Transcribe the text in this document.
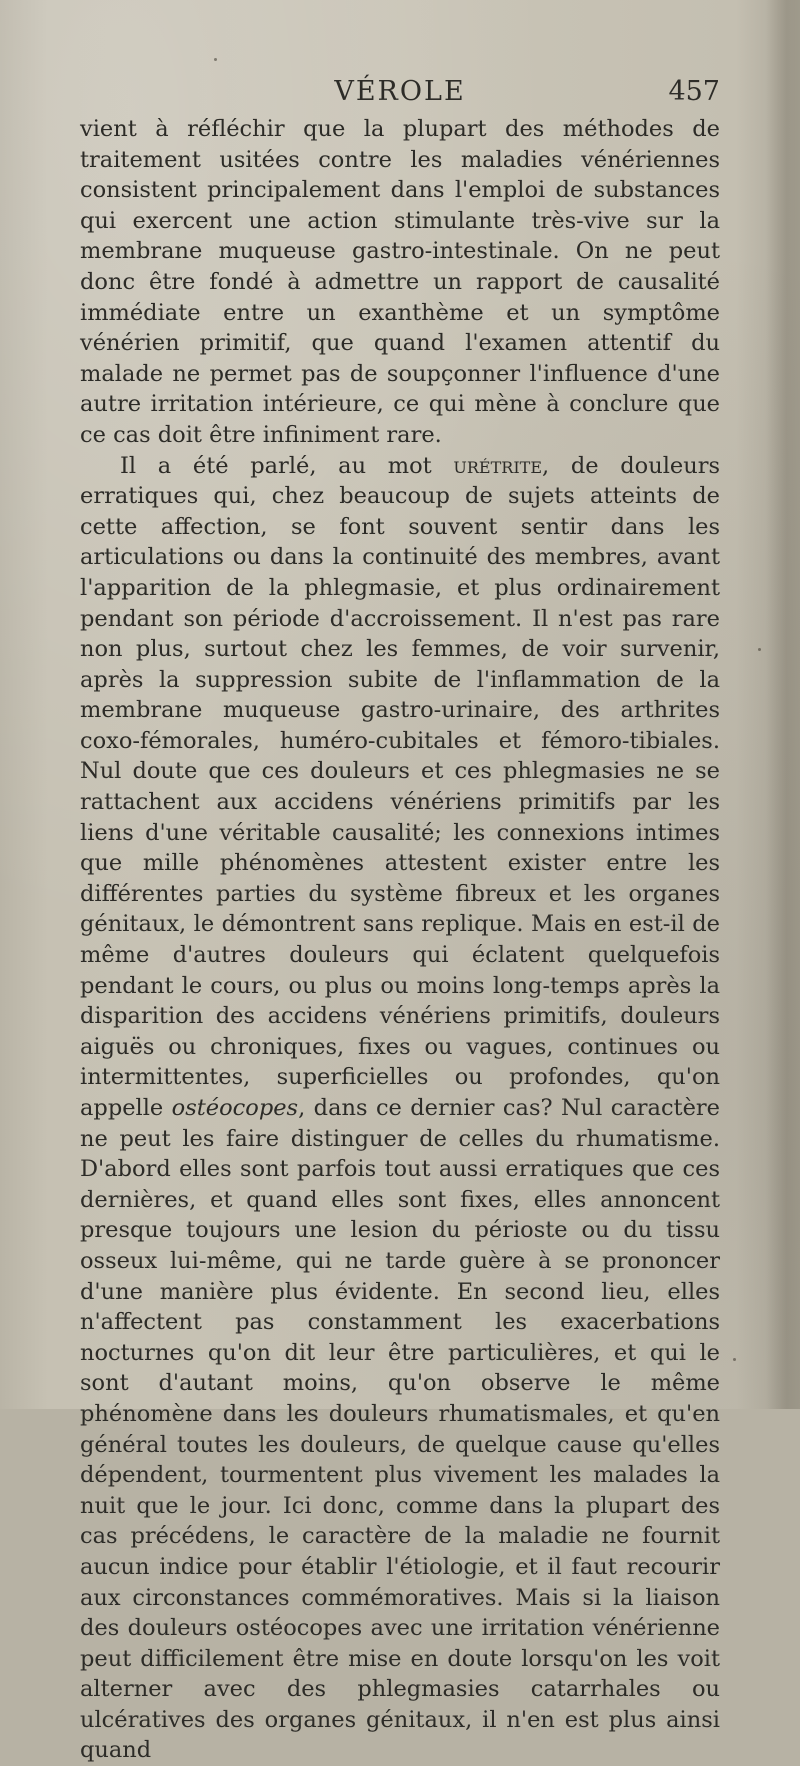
VÉROLE	457

vient à réfléchir que la plupart des méthodes de traitement usitées contre les maladies vénériennes consistent principalement dans l'emploi de substances qui exercent une action stimulante très-vive sur la membrane muqueuse gastro-intestinale. On ne peut donc être fondé à admettre un rapport de causalité immédiate entre un exanthème et un symptôme vénérien primitif, que quand l'examen attentif du malade ne permet pas de soupçonner l'influence d'une autre irritation intérieure, ce qui mène à conclure que ce cas doit être infiniment rare.

Il a été parlé, au mot urétrite, de douleurs erratiques qui, chez beaucoup de sujets atteints de cette affection, se font souvent sentir dans les articulations ou dans la continuité des membres, avant l'apparition de la phlegmasie, et plus ordinairement pendant son période d'accroissement. Il n'est pas rare non plus, surtout chez les femmes, de voir survenir, après la suppression subite de l'inflammation de la membrane muqueuse gastro-urinaire, des arthrites coxo-fémorales, huméro-cubitales et fémoro-tibiales. Nul doute que ces douleurs et ces phlegmasies ne se rattachent aux accidens vénériens primitifs par les liens d'une véritable causalité; les connexions intimes que mille phénomènes attestent exister entre les différentes parties du système fibreux et les organes génitaux, le démontrent sans replique. Mais en est-il de même d'autres douleurs qui éclatent quelquefois pendant le cours, ou plus ou moins long-temps après la disparition des accidens vénériens primitifs, douleurs aiguës ou chroniques, fixes ou vagues, continues ou intermittentes, superficielles ou profondes, qu'on appelle ostéocopes, dans ce dernier cas? Nul caractère ne peut les faire distinguer de celles du rhumatisme. D'abord elles sont parfois tout aussi erratiques que ces dernières, et quand elles sont fixes, elles annoncent presque toujours une lesion du périoste ou du tissu osseux lui-même, qui ne tarde guère à se prononcer d'une manière plus évidente. En second lieu, elles n'affectent pas constamment les exacerbations nocturnes qu'on dit leur être particulières, et qui le sont d'autant moins, qu'on observe le même phénomène dans les douleurs rhumatismales, et qu'en général toutes les douleurs, de quelque cause qu'elles dépendent, tourmentent plus vivement les malades la nuit que le jour. Ici donc, comme dans la plupart des cas précédens, le caractère de la maladie ne fournit aucun indice pour établir l'étiologie, et il faut recourir aux circonstances commémoratives. Mais si la liaison des douleurs ostéocopes avec une irritation vénérienne peut difficilement être mise en doute lorsqu'on les voit alterner avec des phlegmasies catarrhales ou ulcératives des organes génitaux, il n'en est plus ainsi quand
